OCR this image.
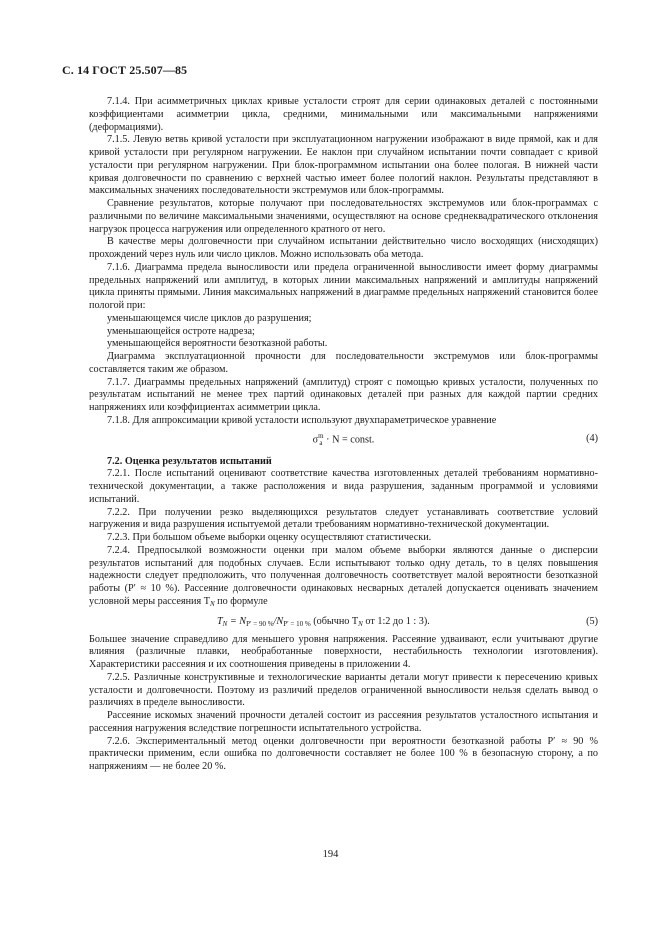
С. 14 ГОСТ 25.507—85

7.1.4. При асимметричных циклах кривые усталости строят для серии одинаковых деталей с постоянными коэффициентами асимметрии цикла, средними, минимальными или максимальными напряжениями (деформациями).

7.1.5. Левую ветвь кривой усталости при эксплуатационном нагружении изображают в виде прямой, как и для кривой усталости при регулярном нагружении. Ее наклон при случайном испытании почти совпадает с кривой усталости при регулярном нагружении. При блок-программном испытании она более пологая. В нижней части кривая долговечности по сравнению с верхней частью имеет более пологий наклон. Результаты представляют в максимальных значениях последовательности экстремумов или блок-программы.

Сравнение результатов, которые получают при последовательностях экстремумов или блок-программах с различными по величине максимальными значениями, осуществляют на основе среднеквадратического отклонения нагрузок процесса нагружения или определенного кратного от него.

В качестве меры долговечности при случайном испытании действительно число восходящих (нисходящих) прохождений через нуль или число циклов. Можно использовать оба метода.

7.1.6. Диаграмма предела выносливости или предела ограниченной выносливости имеет форму диаграммы предельных напряжений или амплитуд, в которых линии максимальных напряжений и амплитуды напряжений цикла приняты прямыми. Линия максимальных напряжений в диаграмме предельных напряжений становится более пологой при:

уменьшающемся числе циклов до разрушения;

уменьшающейся остроте надреза;

уменьшающейся вероятности безотказной работы.

Диаграмма эксплуатационной прочности для последовательности экстремумов или блок-программы составляется таким же образом.

7.1.7. Диаграммы предельных напряжений (амплитуд) строят с помощью кривых усталости, полученных по результатам испытаний не менее трех партий одинаковых деталей при разных для каждой партии средних напряжениях или коэффициентах асимметрии цикла.

7.1.8. Для аппроксимации кривой усталости используют двухпараметрическое уравнение

σ m
a · N = const.	(4)

7.2. Оценка результатов испытаний

7.2.1. После испытаний оценивают соответствие качества изготовленных деталей требованиям нормативно-технической документации, а также расположения и вида разрушения, заданным программой и условиями испытаний.

7.2.2. При получении резко выделяющихся результатов следует устанавливать соответствие условий нагружения и вида разрушения испытуемой детали требованиям нормативно-технической документации.

7.2.3. При большом объеме выборки оценку осуществляют статистически.

7.2.4. Предпосылкой возможности оценки при малом объеме выборки являются данные о дисперсии результатов испытаний для подобных случаев. Если испытывают только одну деталь, то в целях повышения надежности следует предположить, что полученная долговечность соответствует малой вероятности безотказной работы (P′ ≈ 10 %). Рассеяние долговечности одинаковых несварных деталей допускается оценивать значением условной меры рассеяния $T_N$ по формуле

$T_N = N_{P' = 90 \%}/N_{P' = 10 \%}$ (обычно $T_N$ от 1:2 до 1 : 3).	(5)

Большее значение справедливо для меньшего уровня напряжения. Рассеяние удваивают, если учитывают другие влияния (различные плавки, необработанные поверхности, нестабильность технологии изготовления). Характеристики рассеяния и их соотношения приведены в приложении 4.

7.2.5. Различные конструктивные и технологические варианты детали могут привести к пересечению кривых усталости и долговечности. Поэтому из различий пределов ограниченной выносливости нельзя сделать вывод о различиях в пределе выносливости.

Рассеяние искомых значений прочности деталей состоит из рассеяния результатов усталостного испытания и рассеяния нагружения вследствие погрешности испытательного устройства.

7.2.6. Экспериментальный метод оценки долговечности при вероятности безотказной работы P′ ≈ 90 % практически применим, если ошибка по долговечности составляет не более 100 % в безопасную сторону, а по напряжениям — не более 20 %.

194
